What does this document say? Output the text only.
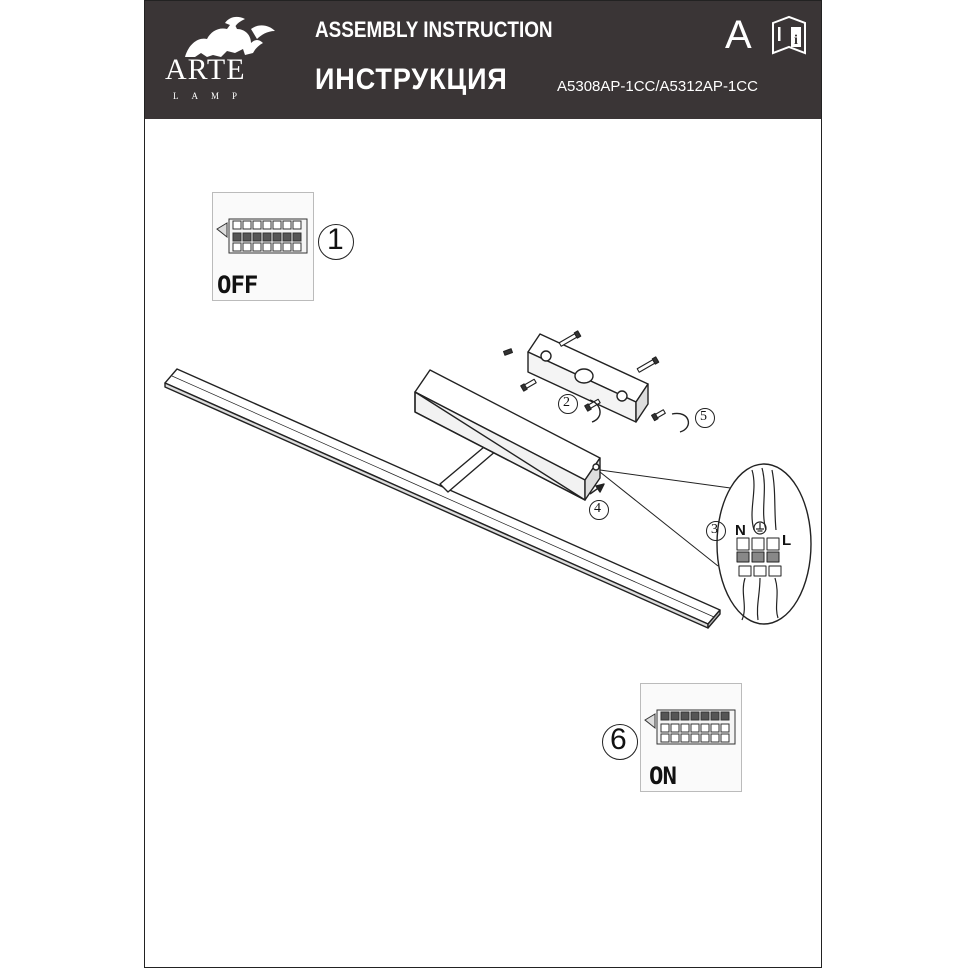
ARTE
LAMP
ASSEMBLY INSTRUCTION
ИНСТРУКЦИЯ	A5308AP-1CC/A5312AP-1CC
A	i
OFF
ON
1
6
2
5
4
3 N
L
